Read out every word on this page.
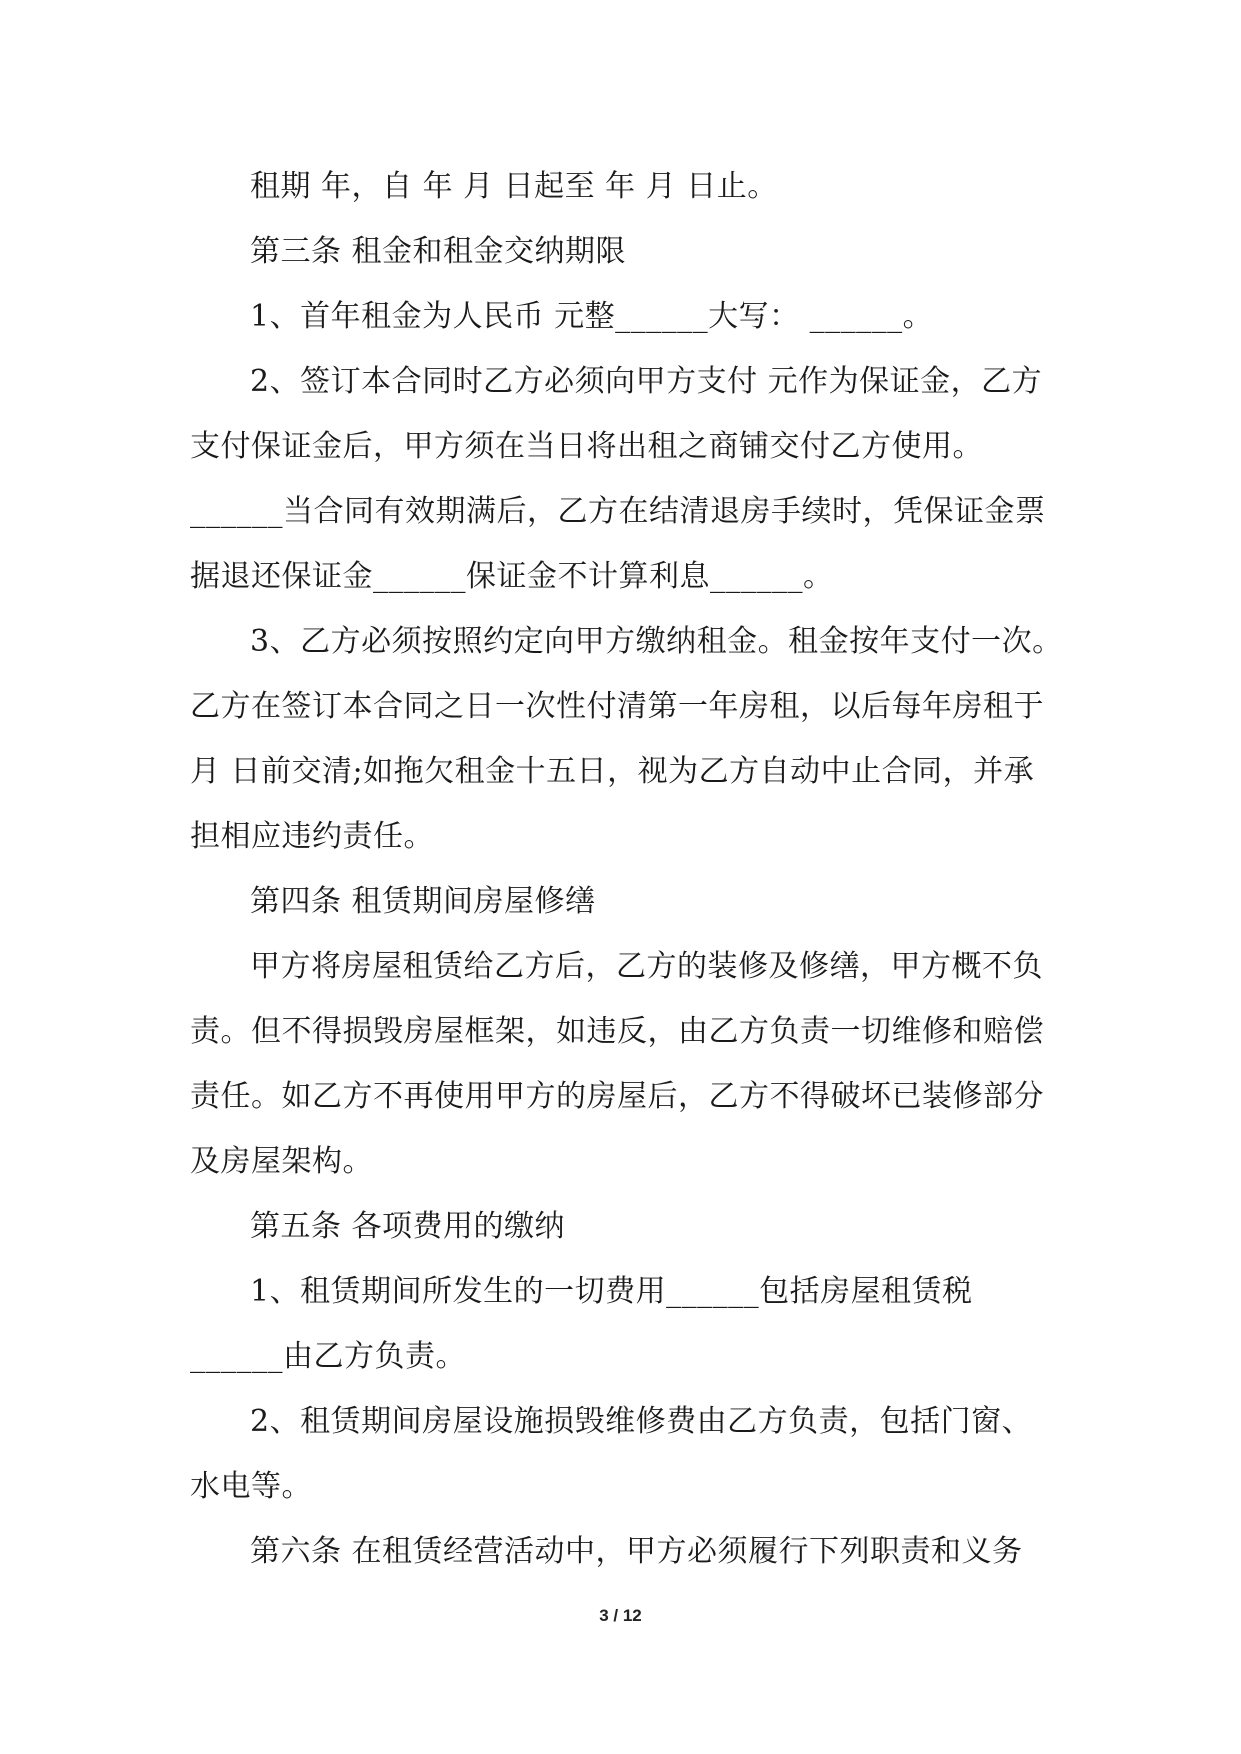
租期 年，自 年 月 日起至 年 月 日止。
第三条 租金和租金交纳期限
1、首年租金为人民币 元整______大写： ______。
2、签订本合同时乙方必须向甲方支付 元作为保证金，乙方
支付保证金后，甲方须在当日将出租之商铺交付乙方使用。
______当合同有效期满后，乙方在结清退房手续时，凭保证金票
据退还保证金______保证金不计算利息______。
3、乙方必须按照约定向甲方缴纳租金。租金按年支付一次。
乙方在签订本合同之日一次性付清第一年房租，以后每年房租于
月 日前交清;如拖欠租金十五日，视为乙方自动中止合同，并承
担相应违约责任。
第四条 租赁期间房屋修缮
甲方将房屋租赁给乙方后，乙方的装修及修缮，甲方概不负
责。但不得损毁房屋框架，如违反，由乙方负责一切维修和赔偿
责任。如乙方不再使用甲方的房屋后，乙方不得破坏已装修部分
及房屋架构。
第五条 各项费用的缴纳
1、租赁期间所发生的一切费用______包括房屋租赁税
______由乙方负责。
2、租赁期间房屋设施损毁维修费由乙方负责，包括门窗、
水电等。
第六条 在租赁经营活动中，甲方必须履行下列职责和义务
3 / 12
